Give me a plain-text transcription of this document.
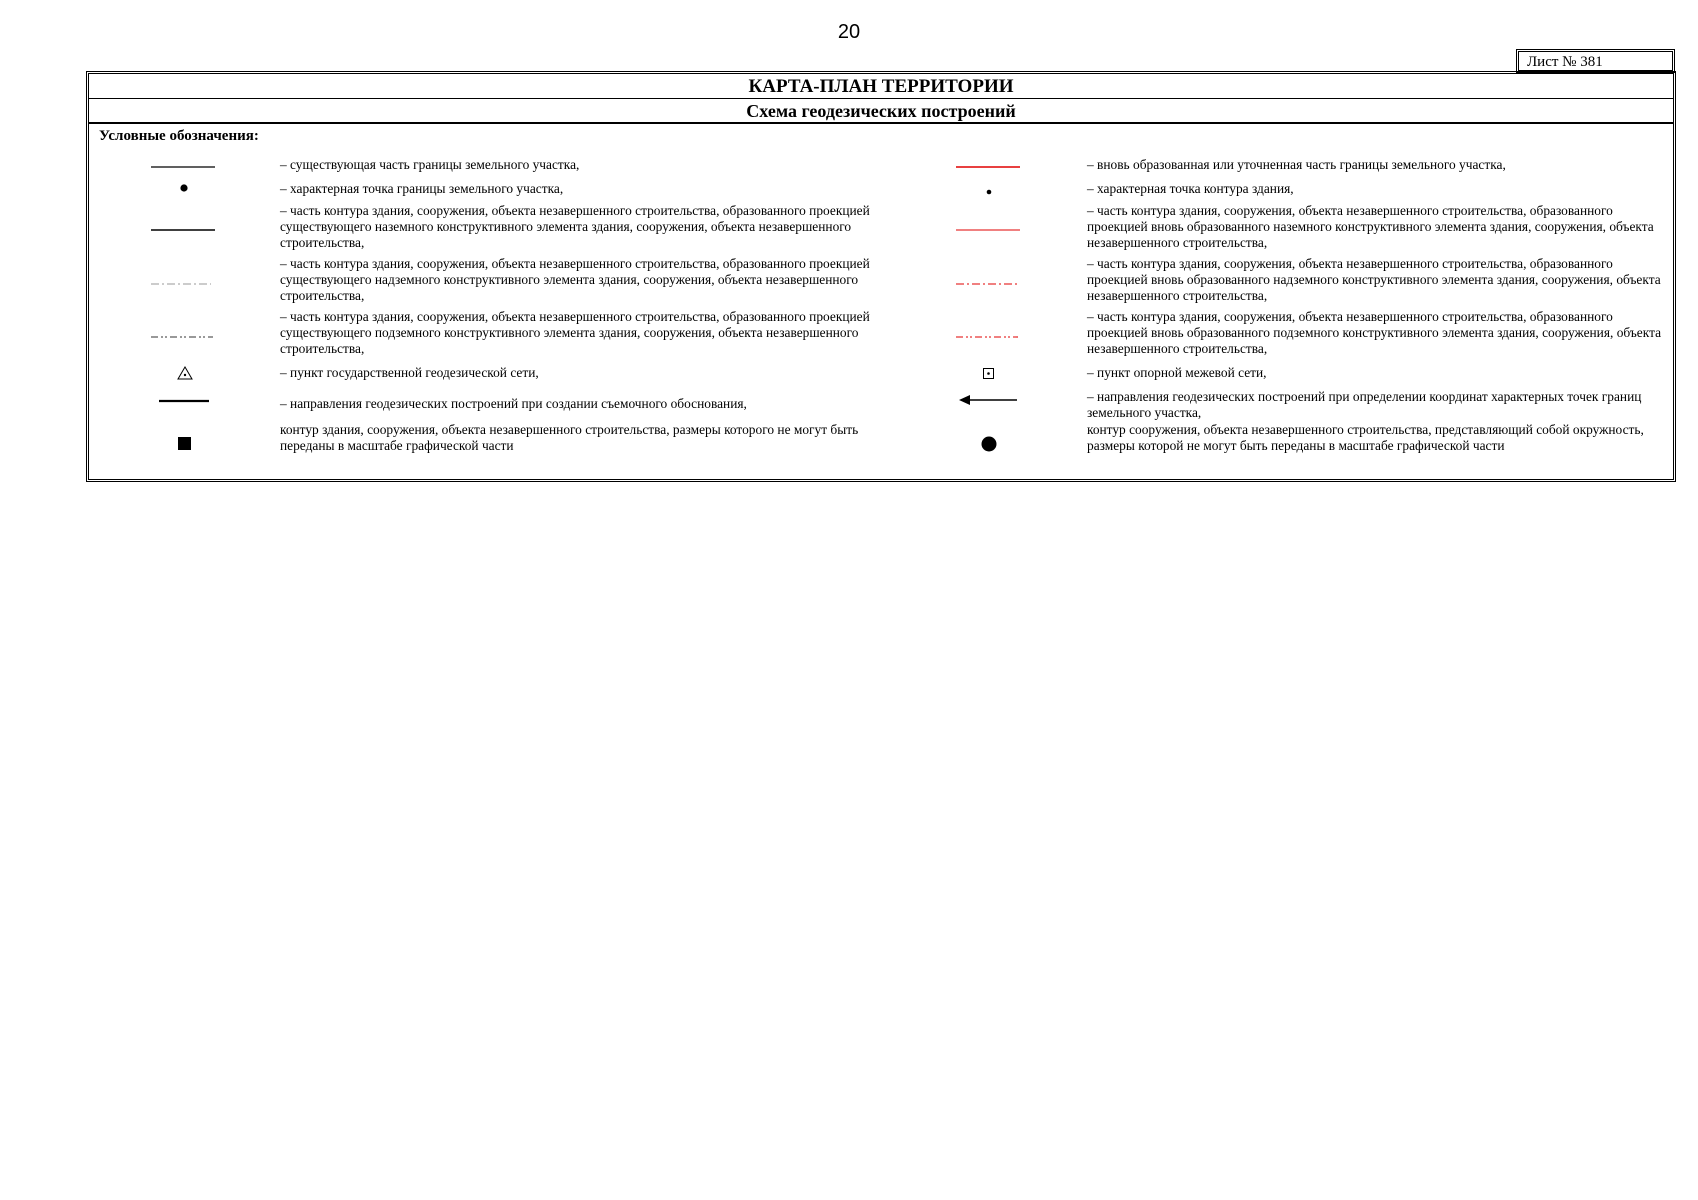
20
Лист № 381
КАРТА-ПЛАН ТЕРРИТОРИИ
Схема геодезических построений
Условные обозначения:
– существующая часть границы земельного участка,
– характерная точка границы земельного участка,
– часть контура здания, сооружения, объекта незавершенного строительства, образованного проекцией существующего наземного конструктивного элемента здания, сооружения, объекта незавершенного строительства,
– часть контура здания, сооружения, объекта незавершенного строительства, образованного проекцией существующего надземного конструктивного элемента здания, сооружения, объекта незавершенного строительства,
– часть контура здания, сооружения, объекта незавершенного строительства, образованного проекцией существующего подземного конструктивного элемента здания, сооружения, объекта незавершенного строительства,
– пункт государственной геодезической сети,
– направления геодезических построений при создании съемочного обоснования,
контур здания, сооружения, объекта незавершенного строительства, размеры которого не могут быть переданы в масштабе графической части
– вновь образованная или уточненная часть границы земельного участка,
– характерная точка контура здания,
– часть контура здания, сооружения, объекта незавершенного строительства, образованного проекцией вновь образованного наземного конструктивного элемента здания, сооружения, объекта незавершенного строительства,
– часть контура здания, сооружения, объекта незавершенного строительства, образованного проекцией вновь образованного надземного конструктивного элемента здания, сооружения, объекта незавершенного строительства,
– часть контура здания, сооружения, объекта незавершенного строительства, образованного проекцией вновь образованного подземного конструктивного элемента здания, сооружения, объекта незавершенного строительства,
– пункт опорной межевой сети,
– направления геодезических построений при определении координат характерных точек границ земельного участка,
контур сооружения, объекта незавершенного строительства, представляющий собой окружность, размеры которой не могут быть переданы в масштабе графической части
